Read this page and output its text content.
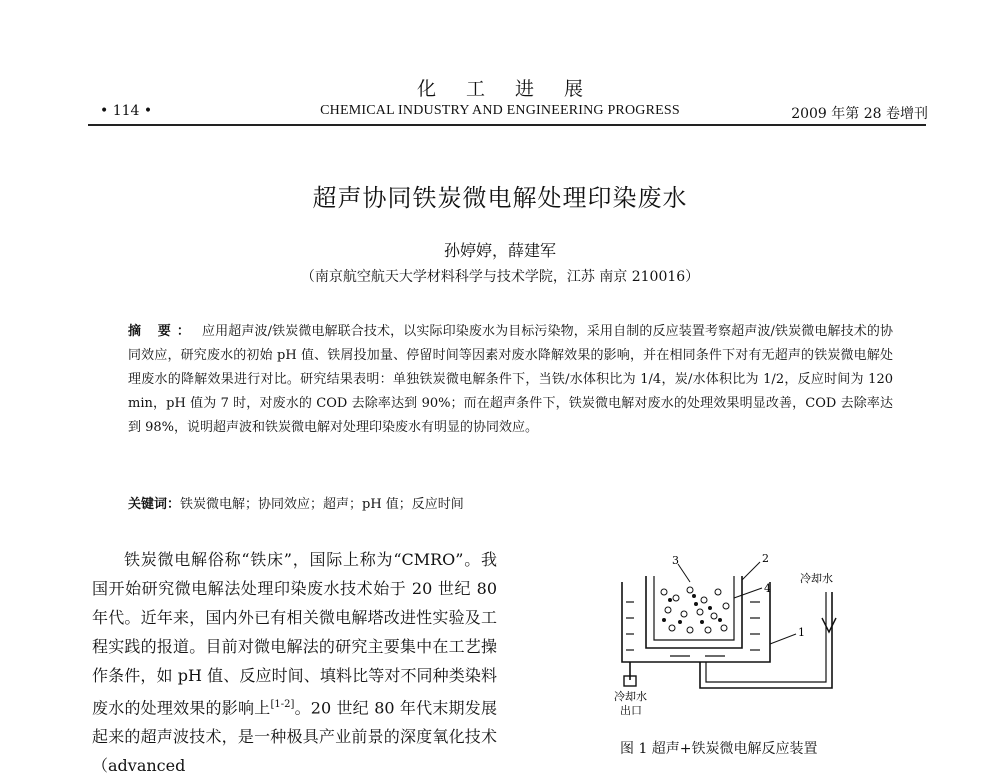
化工进展
• 114 •	CHEMICAL INDUSTRY AND ENGINEERING PROGRESS	2009 年第 28 卷增刊
超声协同铁炭微电解处理印染废水
孙婷婷，薛建军
（南京航空航天大学材料科学与技术学院，江苏 南京 210016）
摘 要： 应用超声波/铁炭微电解联合技术，以实际印染废水为目标污染物，采用自制的反应装置考察超声波/铁炭微电解技术的协同效应，研究废水的初始 pH 值、铁屑投加量、停留时间等因素对废水降解效果的影响，并在相同条件下对有无超声的铁炭微电解处理废水的降解效果进行对比。研究结果表明：单独铁炭微电解条件下，当铁/水体积比为 1/4，炭/水体积比为 1/2，反应时间为 120 min，pH 值为 7 时，对废水的 COD 去除率达到 90%；而在超声条件下，铁炭微电解对废水的处理效果明显改善，COD 去除率达到 98%，说明超声波和铁炭微电解对处理印染废水有明显的协同效应。
关键词：铁炭微电解；协同效应；超声；pH 值；反应时间

铁炭微电解俗称“铁床”，国际上称为“CMRO”。我国开始研究微电解法处理印染废水技术始于 20 世纪 80 年代。近年来，国内外已有相关微电解塔改进性实验及工程实践的报道。目前对微电解法的研究主要集中在工艺操作条件，如 pH 值、反应时间、填料比等对不同种类染料废水的处理效果的影响上[1-2]。20 世纪 80 年代末期发展起来的超声波技术，是一种极具产业前景的深度氧化技术（advanced

3	2
4
1
冷却水
冷却水
出口
图 1 超声+铁炭微电解反应装置
